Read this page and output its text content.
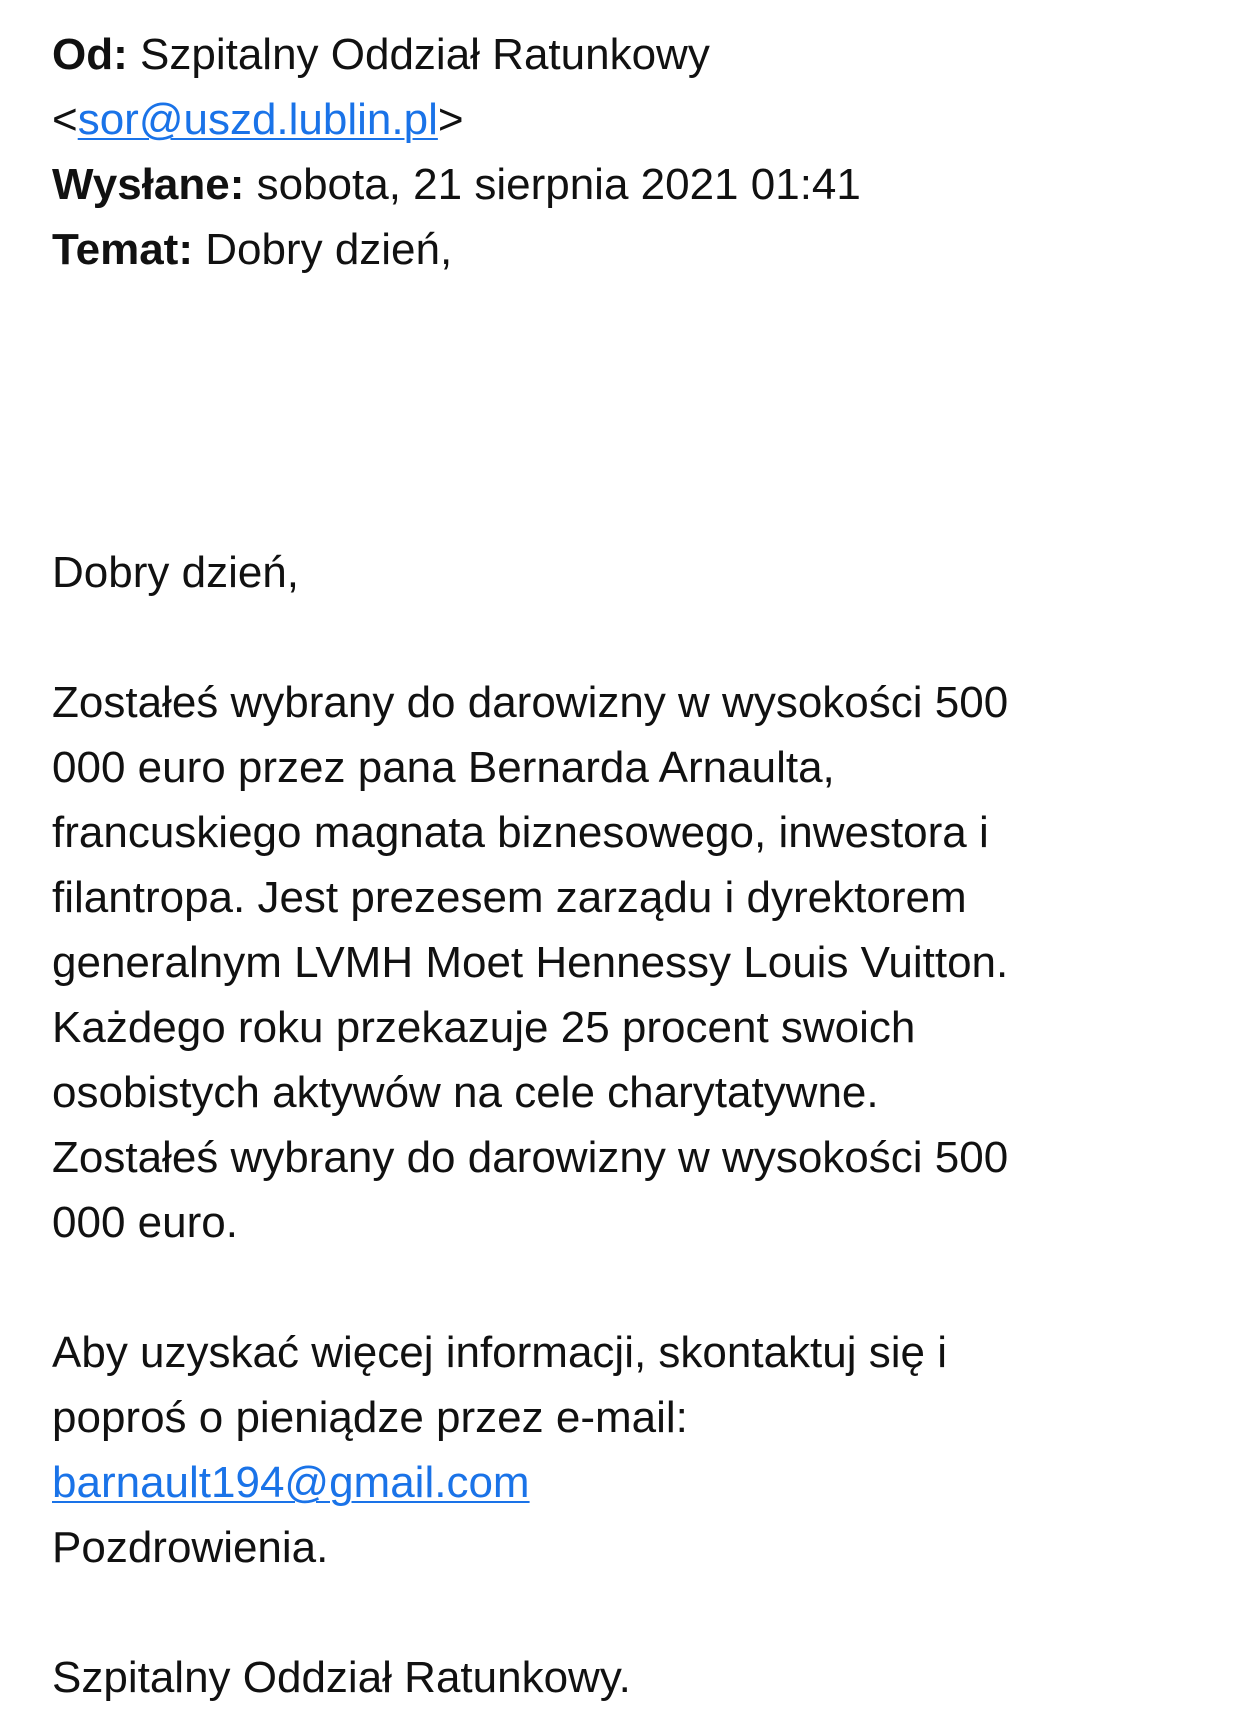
Od: Szpitalny Oddział Ratunkowy
<sor@uszd.lublin.pl>
Wysłane: sobota, 21 sierpnia 2021 01:41
Temat: Dobry dzień,
Dobry dzień,
Zostałeś wybrany do darowizny w wysokości 500
000 euro przez pana Bernarda Arnaulta,
francuskiego magnata biznesowego, inwestora i
filantropa. Jest prezesem zarządu i dyrektorem
generalnym LVMH Moet Hennessy Louis Vuitton.
Każdego roku przekazuje 25 procent swoich
osobistych aktywów na cele charytatywne.
Zostałeś wybrany do darowizny w wysokości 500
000 euro.
Aby uzyskać więcej informacji, skontaktuj się i
poproś o pieniądze przez e-mail:
barnault194@gmail.com
Pozdrowienia.
Szpitalny Oddział Ratunkowy.
